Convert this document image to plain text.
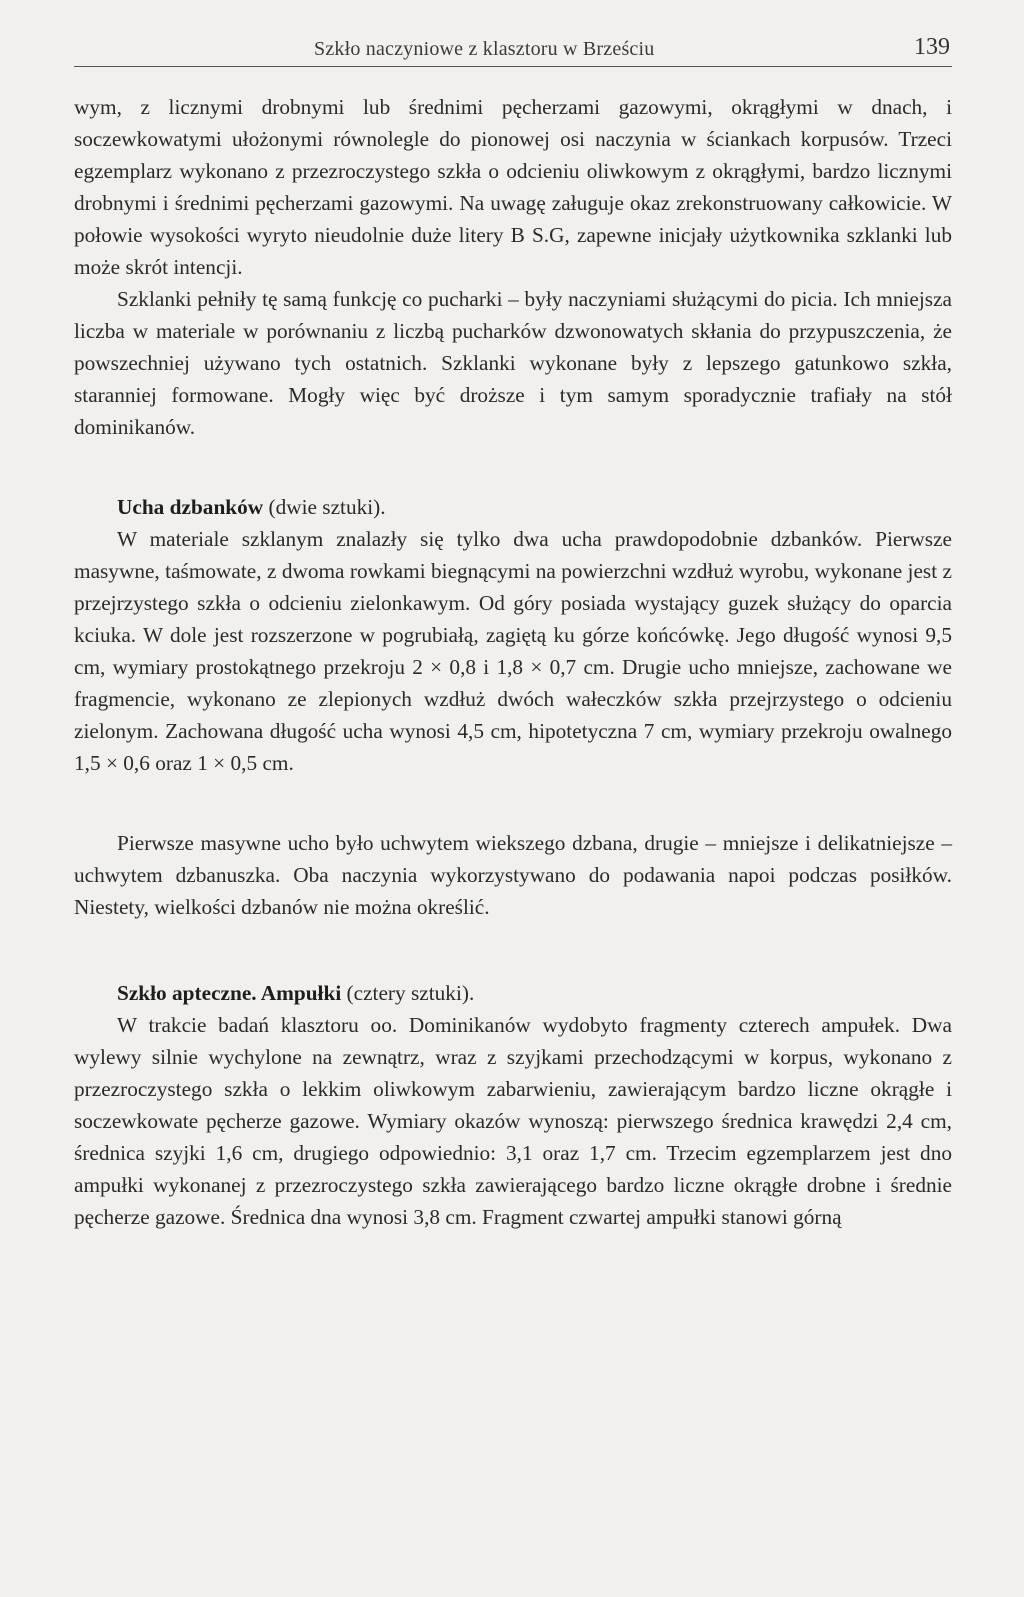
Szkło naczyniowe z klasztoru w Brześciu	139

wym, z licznymi drobnymi lub średnimi pęcherzami gazowymi, okrągłymi w dnach, i soczewkowatymi ułożonymi równolegle do pionowej osi naczynia w ściankach korpusów. Trzeci egzemplarz wykonano z przezroczystego szkła o odcieniu oliwkowym z okrągłymi, bardzo licznymi drobnymi i średnimi pęcherzami gazowymi. Na uwagę załuguje okaz zrekonstruowany całkowicie. W połowie wysokości wyryto nieudolnie duże litery B S.G, zapewne inicjały użytkownika szklanki lub może skrót intencji.

Szklanki pełniły tę samą funkcję co pucharki – były naczyniami służącymi do picia. Ich mniejsza liczba w materiale w porównaniu z liczbą pucharków dzwonowatych skłania do przypuszczenia, że powszechniej używano tych ostatnich. Szklanki wykonane były z lepszego gatunkowo szkła, staranniej formowane. Mogły więc być droższe i tym samym sporadycznie trafiały na stół dominikanów.

Ucha dzbanków (dwie sztuki).

W materiale szklanym znalazły się tylko dwa ucha prawdopodobnie dzbanków. Pierwsze masywne, taśmowate, z dwoma rowkami biegnącymi na powierzchni wzdłuż wyrobu, wykonane jest z przejrzystego szkła o odcieniu zielonkawym. Od góry posiada wystający guzek służący do oparcia kciuka. W dole jest rozszerzone w pogrubiałą, zagiętą ku górze końcówkę. Jego długość wynosi 9,5 cm, wymiary prostokątnego przekroju 2 × 0,8 i 1,8 × 0,7 cm. Drugie ucho mniejsze, zachowane we fragmencie, wykonano ze zlepionych wzdłuż dwóch wałeczków szkła przejrzystego o odcieniu zielonym. Zachowana długość ucha wynosi 4,5 cm, hipotetyczna 7 cm, wymiary przekroju owalnego 1,5 × 0,6 oraz 1 × 0,5 cm.

Pierwsze masywne ucho było uchwytem wiekszego dzbana, drugie – mniejsze i delikatniejsze – uchwytem dzbanuszka. Oba naczynia wykorzystywano do podawania napoi podczas posiłków. Niestety, wielkości dzbanów nie można określić.

Szkło apteczne. Ampułki (cztery sztuki).

W trakcie badań klasztoru oo. Dominikanów wydobyto fragmenty czterech ampułek. Dwa wylewy silnie wychylone na zewnątrz, wraz z szyjkami przechodzącymi w korpus, wykonano z przezroczystego szkła o lekkim oliwkowym zabarwieniu, zawierającym bardzo liczne okrągłe i soczewkowate pęcherze gazowe. Wymiary okazów wynoszą: pierwszego średnica krawędzi 2,4 cm, średnica szyjki 1,6 cm, drugiego odpowiednio: 3,1 oraz 1,7 cm. Trzecim egzemplarzem jest dno ampułki wykonanej z przezroczystego szkła zawierającego bardzo liczne okrągłe drobne i średnie pęcherze gazowe. Średnica dna wynosi 3,8 cm. Fragment czwartej ampułki stanowi górną
